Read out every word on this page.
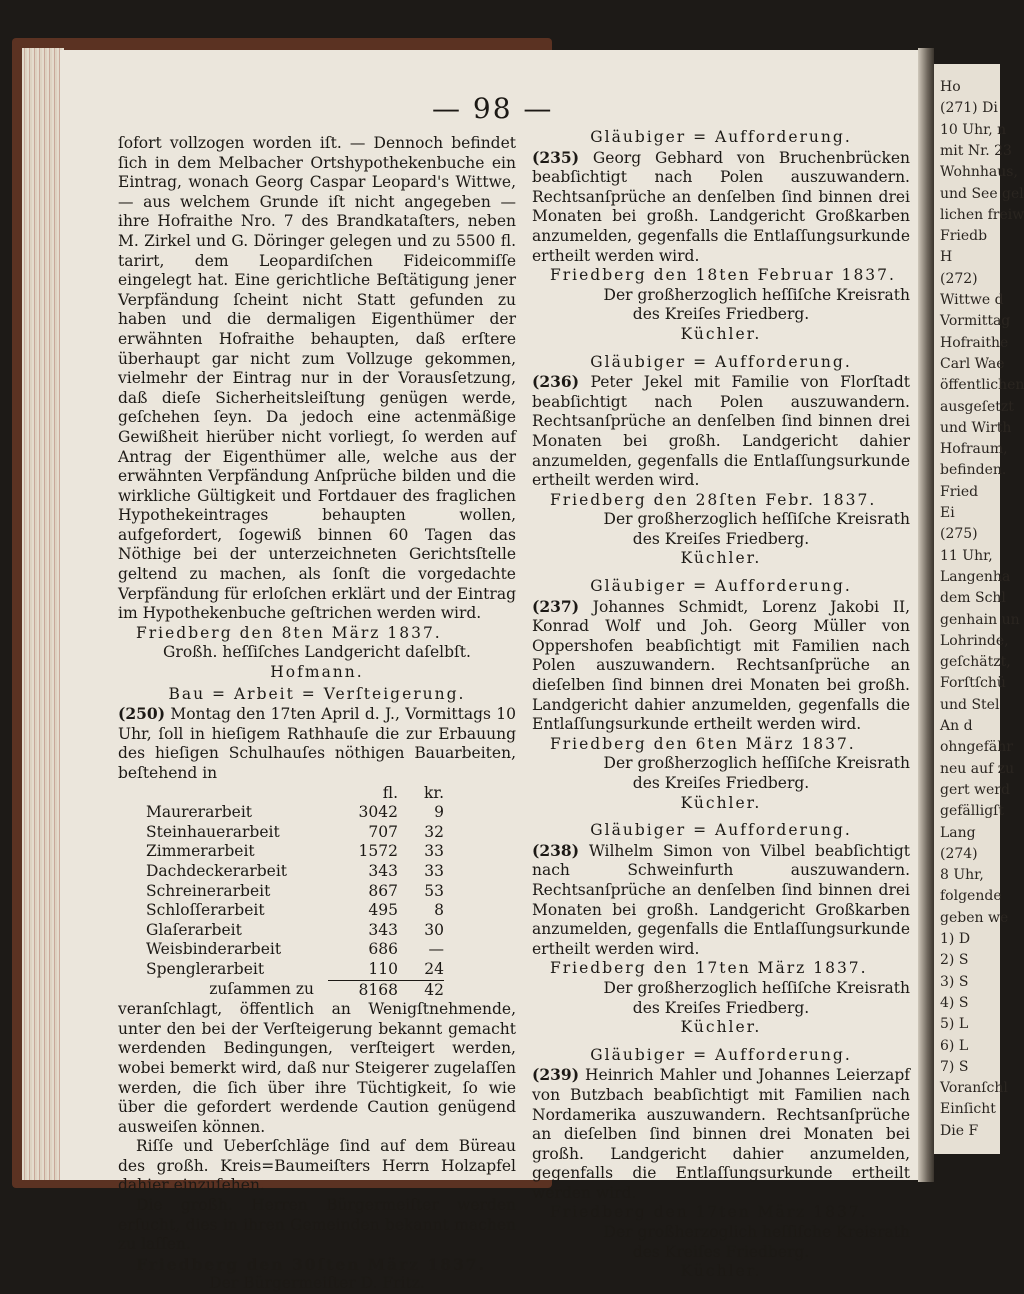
Ho
(271) Di
10 Uhr, n
mit Nr. 23
Wohnhaus,
und See gel
lichen freiw
Friedb
H
(272)
Wittwe d
Vormittag
Hofraithe
Carl Wae
öffentlichen
ausgeſetzt
und Wirth
Hofraum,
befinden.
Fried
Ei
(275)
11 Uhr,
Langenha
dem Schl
genhain un
Lohrinde,
geſchätzt,
Forſtſchü
und Stel
An d
ohngefähr
neu auf zu
gert werd
gefälligſt
Lang
(274)
8 Uhr,
folgende
geben we
1) D
2) S
3) S
4) S
5) L
6) L
7) S
Voranſchl
Einſicht
Die F
— 98 —

ſofort vollzogen worden iſt. — Dennoch befindet ſich in dem Melbacher Ortshypothekenbuche ein Eintrag, wonach Georg Caspar Leopard's Wittwe, — aus welchem Grunde iſt nicht angegeben — ihre Hofraithe Nro. 7 des Brandkataſters, neben M. Zirkel und G. Döringer gelegen und zu 5500 fl. tarirt, dem Leopardiſchen Fideicommiſſe eingelegt hat. Eine gerichtliche Beſtätigung jener Verpfändung ſcheint nicht Statt gefunden zu haben und die dermaligen Eigenthümer der erwähnten Hofraithe behaupten, daß erſtere überhaupt gar nicht zum Vollzuge gekommen, vielmehr der Eintrag nur in der Vorausſetzung, daß dieſe Sicherheitsleiſtung genügen werde, geſchehen ſeyn. Da jedoch eine actenmäßige Gewißheit hierüber nicht vorliegt, ſo werden auf Antrag der Eigenthümer alle, welche aus der erwähnten Verpfändung Anſprüche bilden und die wirkliche Gültigkeit und Fortdauer des fraglichen Hypothekeintrages behaupten wollen, aufgefordert, ſogewiß binnen 60 Tagen das Nöthige bei der unterzeichneten Gerichtsſtelle geltend zu machen, als ſonſt die vorgedachte Verpfändung für erloſchen erklärt und der Eintrag im Hypothekenbuche geſtrichen werden wird.

Friedberg den 8ten März 1837.

Großh. heſſiſches Landgericht daſelbſt.

Hofmann.

Bau = Arbeit = Verſteigerung.

(250) Montag den 17ten April d. J., Vormittags 10 Uhr, ſoll in hieſigem Rathhauſe die zur Erbauung des hieſigen Schulhauſes nöthigen Bauarbeiten, beſtehend in

	fl.	kr.
Maurerarbeit	3042	9
Steinhauerarbeit	707	32
Zimmerarbeit	1572	33
Dachdeckerarbeit	343	33
Schreinerarbeit	867	53
Schloſſerarbeit	495	8
Glaſerarbeit	343	30
Weisbinderarbeit	686	—
Spenglerarbeit	110	24
zuſammen zu	8168	42

veranſchlagt, öffentlich an Wenigſtnehmende, unter den bei der Verſteigerung bekannt gemacht werdenden Bedingungen, verſteigert werden, wobei bemerkt wird, daß nur Steigerer zugelaſſen werden, die ſich über ihre Tüchtigkeit, ſo wie über die gefordert werdende Caution genügend ausweiſen können.

Riſſe und Ueberſchläge ſind auf dem Büreau des großh. Kreis=Baumeiſters Herrn Holzapfel dahier einzuſehen.

Die großh. Herren Bürgermeiſter werden erſucht, dies in ihren Gemeinden bekannt machen zu laſſen.

Friedberg den 30ſten März 1837.

Der Bürgermeiſter D. Fritz.

Gläubiger = Aufforderung.

(235) Georg Gebhard von Bruchenbrücken beabſichtigt nach Polen auszuwandern. Rechtsanſprüche an denſelben ſind binnen drei Monaten bei großh. Landgericht Großkarben anzumelden, gegenfalls die Entlaſſungsurkunde ertheilt werden wird.

Friedberg den 18ten Februar 1837.

Der großherzoglich heſſiſche Kreisrath

des Kreiſes Friedberg.

Küchler.

Gläubiger = Aufforderung.

(236) Peter Jekel mit Familie von Florſtadt beabſichtigt nach Polen auszuwandern. Rechtsanſprüche an denſelben ſind binnen drei Monaten bei großh. Landgericht dahier anzumelden, gegenfalls die Entlaſſungsurkunde ertheilt werden wird.

Friedberg den 28ſten Febr. 1837.

Der großherzoglich heſſiſche Kreisrath

des Kreiſes Friedberg.

Küchler.

Gläubiger = Aufforderung.

(237) Johannes Schmidt, Lorenz Jakobi II, Konrad Wolf und Joh. Georg Müller von Oppershofen beabſichtigt mit Familien nach Polen auszuwandern. Rechtsanſprüche an dieſelben ſind binnen drei Monaten bei großh. Landgericht dahier anzumelden, gegenfalls die Entlaſſungsurkunde ertheilt werden wird.

Friedberg den 6ten März 1837.

Der großherzoglich heſſiſche Kreisrath

des Kreiſes Friedberg.

Küchler.

Gläubiger = Aufforderung.

(238) Wilhelm Simon von Vilbel beabſichtigt nach Schweinfurth auszuwandern. Rechtsanſprüche an denſelben ſind binnen drei Monaten bei großh. Landgericht Großkarben anzumelden, gegenfalls die Entlaſſungsurkunde ertheilt werden wird.

Friedberg den 17ten März 1837.

Der großherzoglich heſſiſche Kreisrath

des Kreiſes Friedberg.

Küchler.

Gläubiger = Aufforderung.

(239) Heinrich Mahler und Johannes Leierzapf von Butzbach beabſichtigt mit Familien nach Nordamerika auszuwandern. Rechtsanſprüche an dieſelben ſind binnen drei Monaten bei großh. Landgericht dahier anzumelden, gegenfalls die Entlaſſungsurkunde ertheilt werden wird.

Friedberg den 17ten März 1837.

Der großherzoglich heſſiſche Kreisrath

des Kreiſes Friedberg.

Küchler.
